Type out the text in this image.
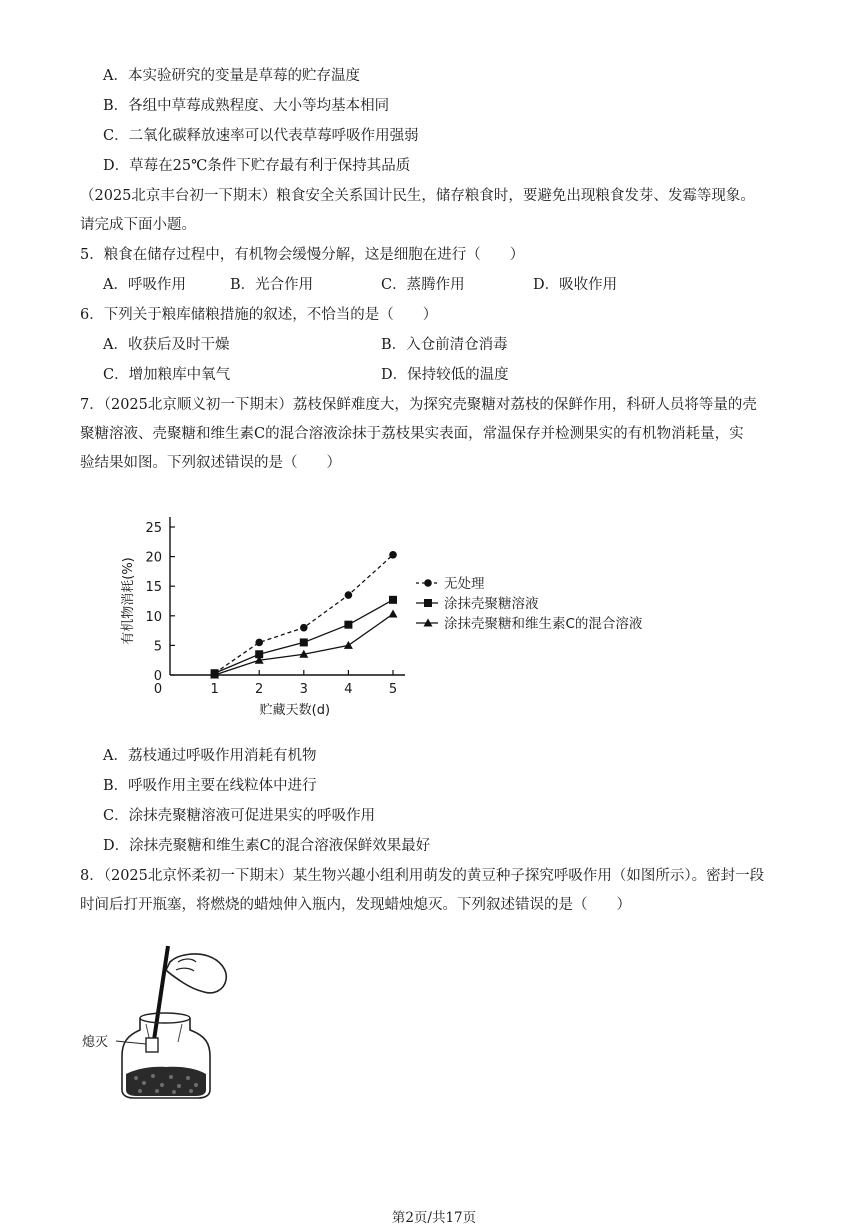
A．本实验研究的变量是草莓的贮存温度
B．各组中草莓成熟程度、大小等均基本相同
C．二氧化碳释放速率可以代表草莓呼吸作用强弱
D．草莓在25℃条件下贮存最有利于保持其品质
（2025北京丰台初一下期末）粮食安全关系国计民生，储存粮食时，要避免出现粮食发芽、发霉等现象。
请完成下面小题。
5．粮食在储存过程中，有机物会缓慢分解，这是细胞在进行（　　）
A．呼吸作用	B．光合作用	C．蒸腾作用	D．吸收作用
6．下列关于粮库储粮措施的叙述，不恰当的是（　　）
A．收获后及时干燥	B．入仓前清仓消毒
C．增加粮库中氧气	D．保持较低的温度
7．（2025北京顺义初一下期末）荔枝保鲜难度大，为探究壳聚糖对荔枝的保鲜作用，科研人员将等量的壳
聚糖溶液、壳聚糖和维生素C的混合溶液涂抹于荔枝果实表面，常温保存并检测果实的有机物消耗量，实
验结果如图。下列叙述错误的是（　　）
0
5
10
15
20
25
0	1	2	3	4	5
贮藏天数(d)
有机物消耗(%)	无处理
涂抹壳聚糖溶液
涂抹壳聚糖和维生素C的混合溶液
A．荔枝通过呼吸作用消耗有机物
B．呼吸作用主要在线粒体中进行
C．涂抹壳聚糖溶液可促进果实的呼吸作用
D．涂抹壳聚糖和维生素C的混合溶液保鲜效果最好
8．（2025北京怀柔初一下期末）某生物兴趣小组利用萌发的黄豆种子探究呼吸作用（如图所示）。密封一段
时间后打开瓶塞，将燃烧的蜡烛伸入瓶内，发现蜡烛熄灭。下列叙述错误的是（　　）
熄灭
第2页/共17页
